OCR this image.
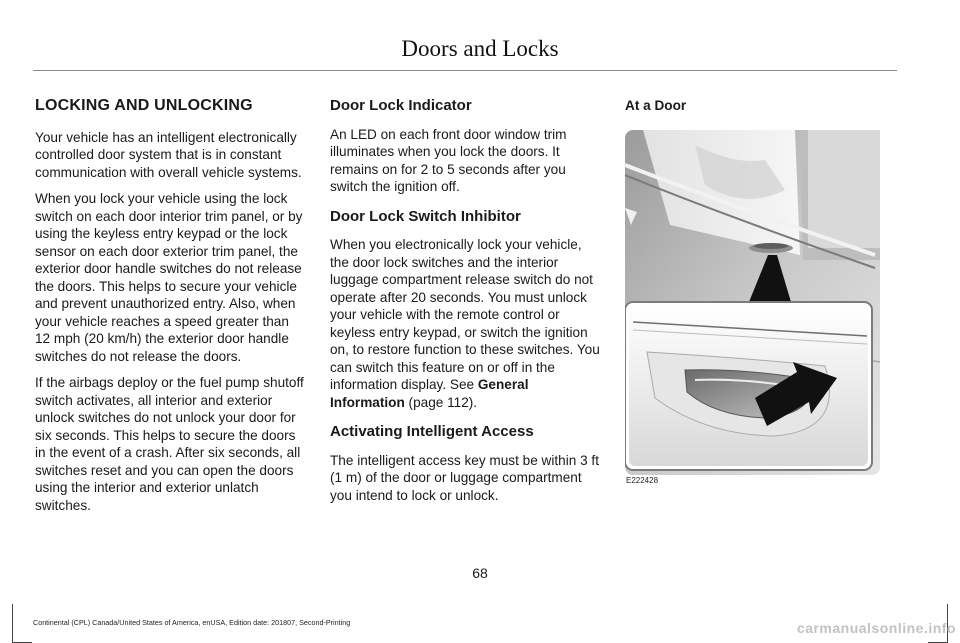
Doors and Locks
LOCKING AND UNLOCKING

Your vehicle has an intelligent electronically controlled door system that is in constant communication with overall vehicle systems.

When you lock your vehicle using the lock switch on each door interior trim panel, or by using the keyless entry keypad or the lock sensor on each door exterior trim panel, the exterior door handle switches do not release the doors. This helps to secure your vehicle and prevent unauthorized entry. Also, when your vehicle reaches a speed greater than 12 mph (20 km/h) the exterior door handle switches do not release the doors.

If the airbags deploy or the fuel pump shutoff switch activates, all interior and exterior unlock switches do not unlock your door for six seconds. This helps to secure the doors in the event of a crash. After six seconds, all switches reset and you can open the doors using the interior and exterior unlatch switches.

Door Lock Indicator

An LED on each front door window trim illuminates when you lock the doors. It remains on for 2 to 5 seconds after you switch the ignition off.

Door Lock Switch Inhibitor

When you electronically lock your vehicle, the door lock switches and the interior luggage compartment release switch do not operate after 20 seconds. You must unlock your vehicle with the remote control or keyless entry keypad, or switch the ignition on, to restore function to these switches. You can switch this feature on or off in the information display. See General Information (page 112).

Activating Intelligent Access

The intelligent access key must be within 3 ft (1 m) of the door or luggage compartment you intend to lock or unlock.

At a Door
E222428
68
Continental (CPL) Canada/United States of America, enUSA, Edition date: 201807, Second-Printing	carmanualsonline.info
